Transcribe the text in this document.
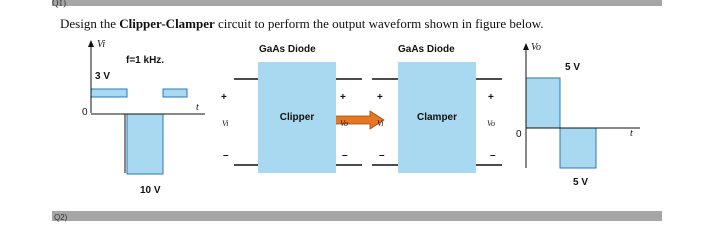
Q1)
Design the Clipper-Clamper circuit to perform the output waveform shown in figure below.
+
–
+
–
+
–
+
–
Vi
f=1 kHz.
3 V
0	t
10 V
GaAs Diode
Clipper
Vi	Vo
GaAs Diode
Clamper
Vi	Vo
Vo
5 V
0	t
5 V
Q2)
